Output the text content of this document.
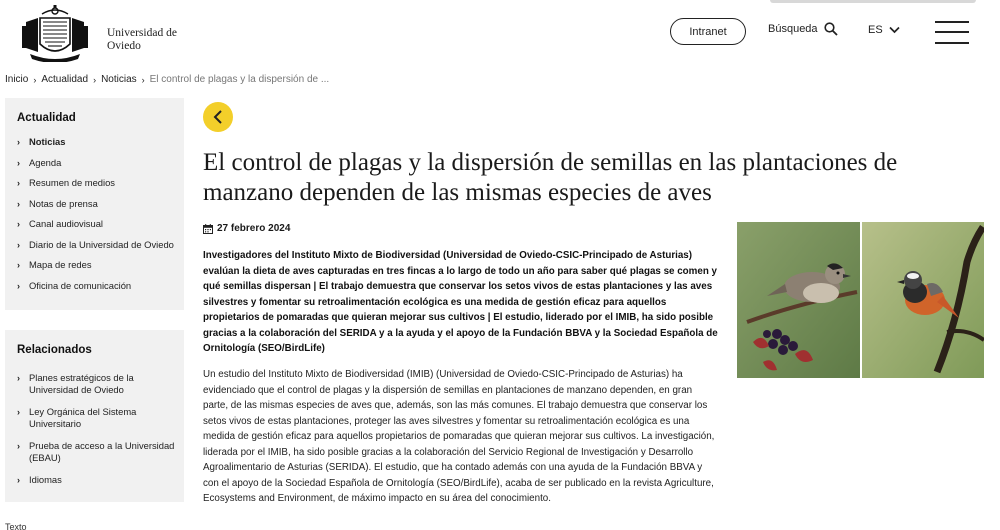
Universidad de
Oviedo
Intranet	Búsqueda	ES
Inicio › Actualidad › Noticias › El control de plagas y la dispersión de ...
Actualidad
› Noticias
› Agenda
› Resumen de medios
› Notas de prensa
› Canal audiovisual
› Diario de la Universidad de Oviedo
› Mapa de redes
› Oficina de comunicación
Relacionados
› Planes estratégicos de la Universidad de Oviedo
› Ley Orgánica del Sistema Universitario
› Prueba de acceso a la Universidad (EBAU)
› Idiomas
Texto
El control de plagas y la dispersión de semillas en las plantaciones de manzano dependen de las mismas especies de aves
27 febrero 2024

Investigadores del Instituto Mixto de Biodiversidad (Universidad de Oviedo-CSIC-Principado de Asturias) evalúan la dieta de aves capturadas en tres fincas a lo largo de todo un año para saber qué plagas se comen y qué semillas dispersan | El trabajo demuestra que conservar los setos vivos de estas plantaciones y las aves silvestres y fomentar su retroalimentación ecológica es una medida de gestión eficaz para aquellos propietarios de pomaradas que quieran mejorar sus cultivos | El estudio, liderado por el IMIB, ha sido posible gracias a la colaboración del SERIDA y a la ayuda y el apoyo de la Fundación BBVA y la Sociedad Española de Ornitología (SEO/BirdLife)

Un estudio del Instituto Mixto de Biodiversidad (IMIB) (Universidad de Oviedo-CSIC-Principado de Asturias) ha evidenciado que el control de plagas y la dispersión de semillas en plantaciones de manzano dependen, en gran parte, de las mismas especies de aves que, además, son las más comunes. El trabajo demuestra que conservar los setos vivos de estas plantaciones, proteger las aves silvestres y fomentar su retroalimentación ecológica es una medida de gestión eficaz para aquellos propietarios de pomaradas que quieran mejorar sus cultivos. La investigación, liderada por el IMIB, ha sido posible gracias a la colaboración del Servicio Regional de Investigación y Desarrollo Agroalimentario de Asturias (SERIDA). El estudio, que ha contado además con una ayuda de la Fundación BBVA y con el apoyo de la Sociedad Española de Ornitología (SEO/BirdLife), acaba de ser publicado en la revista Agriculture, Ecosystems and Environment, de máximo impacto en su área del conocimiento.
